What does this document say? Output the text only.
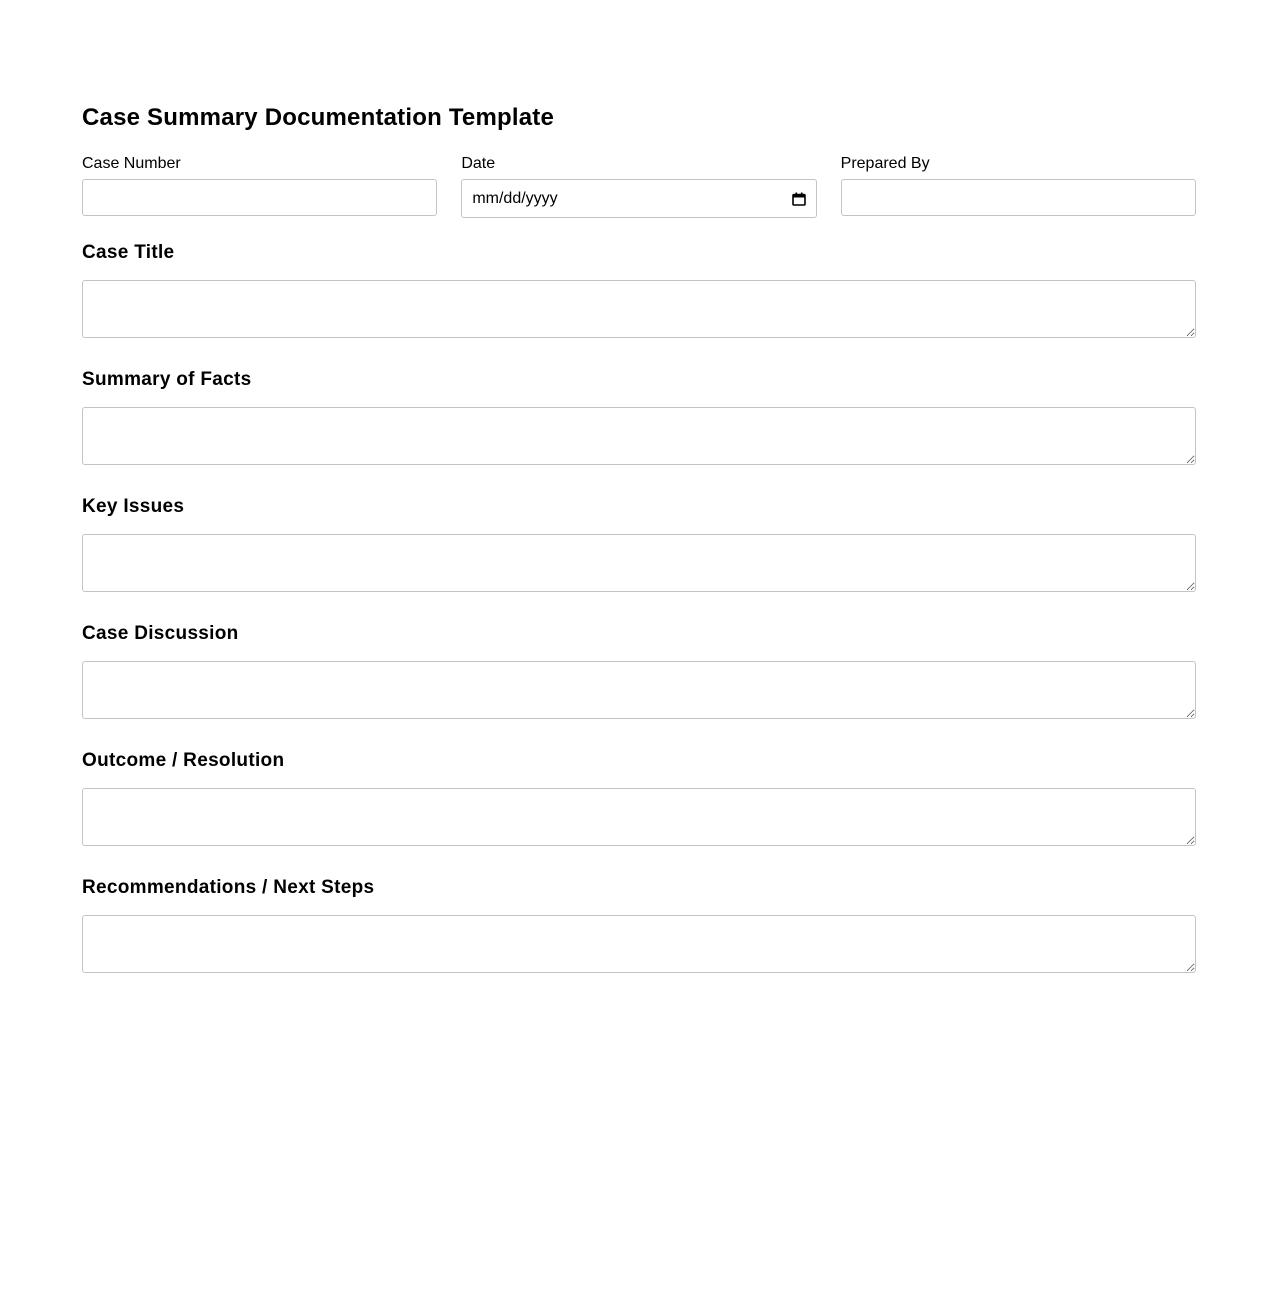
Case Summary Documentation Template
Case Number	Date
mm/dd/yyyy
Prepared By
Case Title
Summary of Facts
Key Issues
Case Discussion
Outcome / Resolution
Recommendations / Next Steps
